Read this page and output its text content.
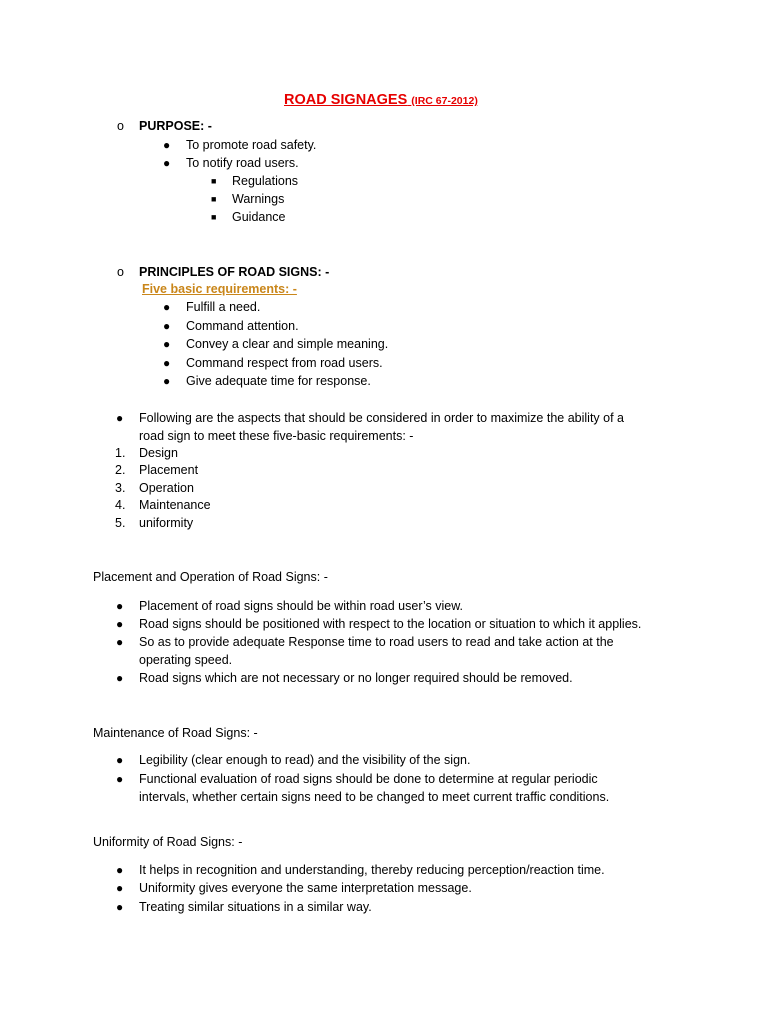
ROAD SIGNAGES (IRC 67-2012)
o PURPOSE: -
● To promote road safety.
● To notify road users.
■ Regulations
■ Warnings
■ Guidance
o PRINCIPLES OF ROAD SIGNS: -
Five basic requirements: -
● Fulfill a need.
● Command attention.
● Convey a clear and simple meaning.
● Command respect from road users.
● Give adequate time for response.
● Following are the aspects that should be considered in order to maximize the ability of a
road sign to meet these five-basic requirements: -
1. Design
2. Placement
3. Operation
4. Maintenance
5. uniformity
Placement and Operation of Road Signs: -
● Placement of road signs should be within road user’s view.
● Road signs should be positioned with respect to the location or situation to which it applies.
● So as to provide adequate Response time to road users to read and take action at the
operating speed.
● Road signs which are not necessary or no longer required should be removed.
Maintenance of Road Signs: -
● Legibility (clear enough to read) and the visibility of the sign.
● Functional evaluation of road signs should be done to determine at regular periodic
intervals, whether certain signs need to be changed to meet current traffic conditions.
Uniformity of Road Signs: -
● It helps in recognition and understanding, thereby reducing perception/reaction time.
● Uniformity gives everyone the same interpretation message.
● Treating similar situations in a similar way.
